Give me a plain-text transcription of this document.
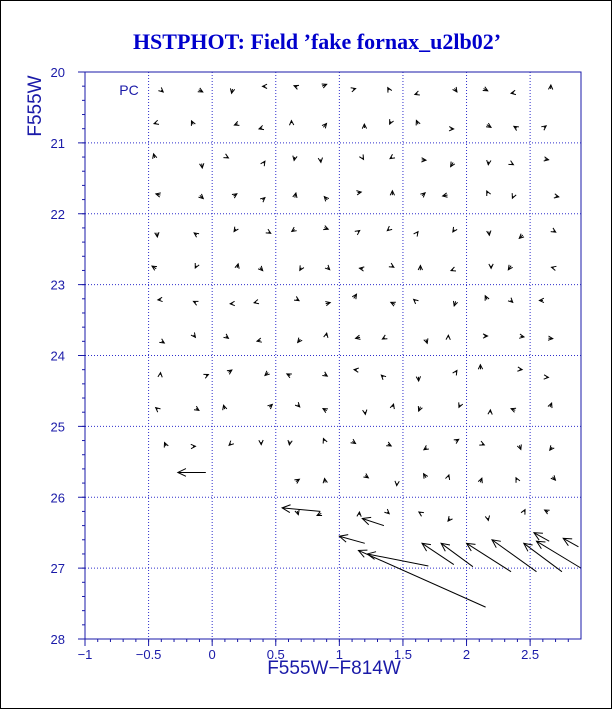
HSTPHOT: Field ’fake fornax_u2lb02’
PC
F555W−F814W
F555W
−1	−0.5	0	0.5	1	1.5	2	2.5
20
21
22
23
24
25
26
27
28
